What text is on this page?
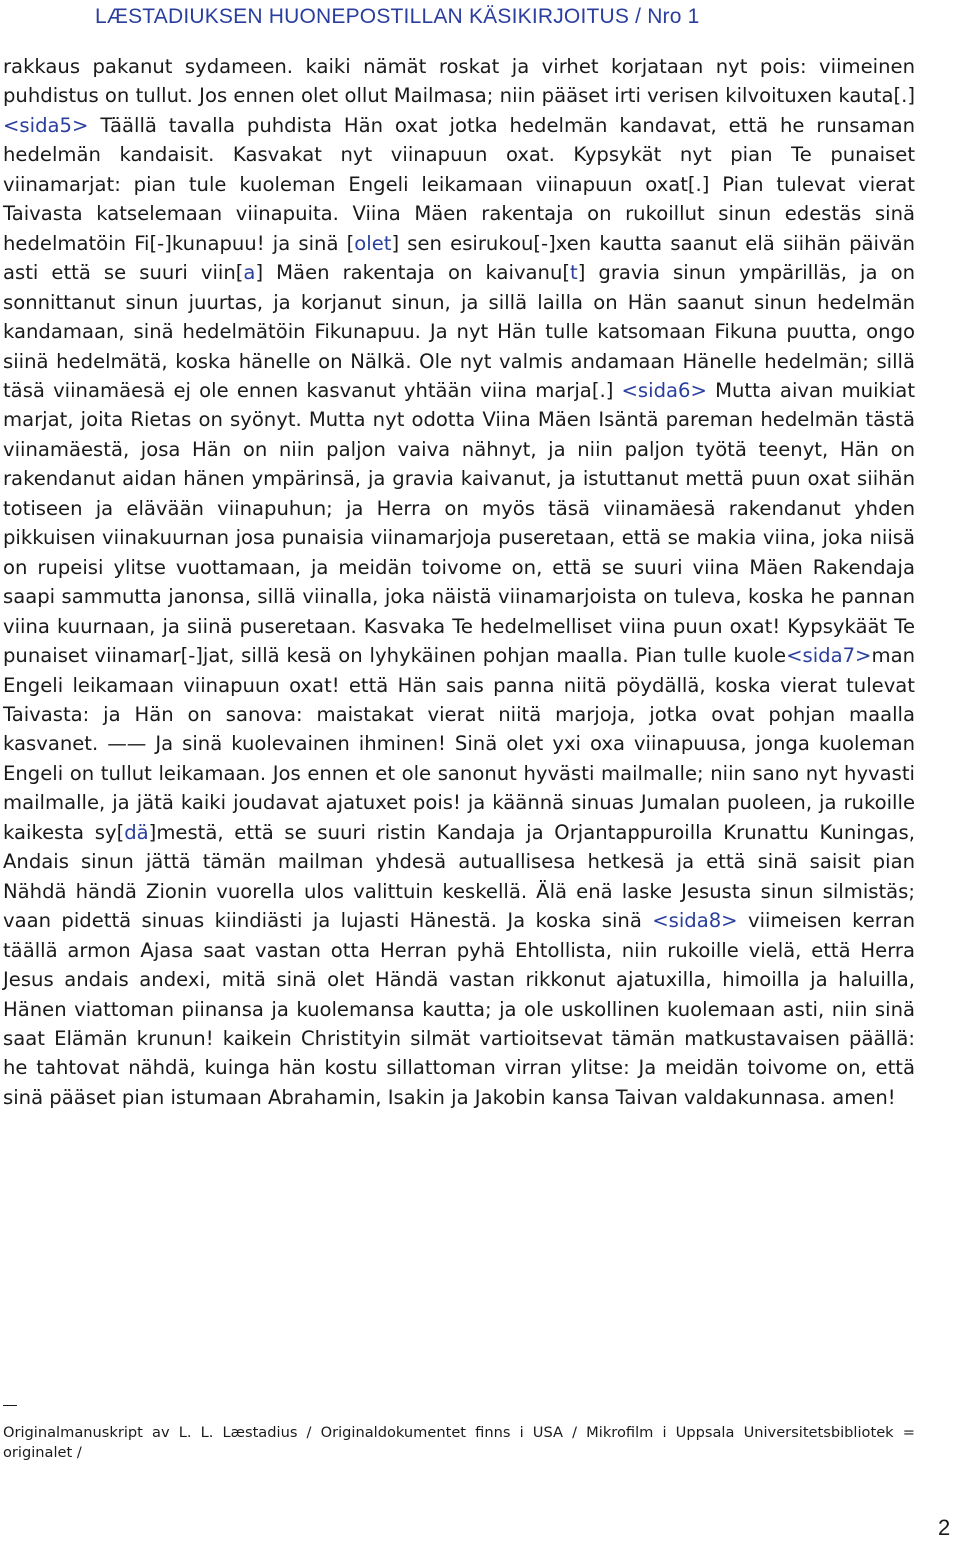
LÆSTADIUKSEN HUONEPOSTILLAN KÄSIKIRJOITUS / Nro 1

rakkaus pakanut sydameen. kaiki nämät roskat ja virhet korjataan nyt pois: viimeinen puhdistus on tullut. Jos ennen olet ollut Mailmasa; niin pääset irti verisen kilvoituxen kauta[.] <sida5> Täällä tavalla puhdista Hän oxat jotka hedelmän kandavat, että he runsaman hedelmän kandaisit. Kasvakat nyt viinapuun oxat. Kypsykät nyt pian Te punaiset viinamarjat: pian tule kuoleman Engeli leikamaan viinapuun oxat[.] Pian tulevat vierat Taivasta katselemaan viinapuita. Viina Mäen rakentaja on rukoillut sinun edestäs sinä hedelmatöin Fi[-]kunapuu! ja sinä [olet] sen esirukou[-]xen kautta saanut elä siihän päivän asti että se suuri viin[a] Mäen rakentaja on kaivanu[t] gravia sinun ympärilläs, ja on sonnittanut sinun juurtas, ja korjanut sinun, ja sillä lailla on Hän saanut sinun hedelmän kandamaan, sinä hedelmätöin Fikunapuu. Ja nyt Hän tulle katsomaan Fikuna puutta, ongo siinä hedelmätä, koska hänelle on Nälkä. Ole nyt valmis andamaan Hänelle hedelmän; sillä täsä viinamäesä ej ole ennen kasvanut yhtään viina marja[.] <sida6> Mutta aivan muikiat marjat, joita Rietas on syönyt. Mutta nyt odotta Viina Mäen Isäntä pareman hedelmän tästä viinamäestä, josa Hän on niin paljon vaiva nähnyt, ja niin paljon työtä teenyt, Hän on rakendanut aidan hänen ympärinsä, ja gravia kaivanut, ja istuttanut mettä puun oxat siihän totiseen ja elävään viinapuhun; ja Herra on myös täsä viinamäesä rakendanut yhden pikkuisen viinakuurnan josa punaisia viinamarjoja puseretaan, että se makia viina, joka niisä on rupeisi ylitse vuottamaan, ja meidän toivome on, että se suuri viina Mäen Rakendaja saapi sammutta janonsa, sillä viinalla, joka näistä viinamarjoista on tuleva, koska he pannan viina kuurnaan, ja siinä puseretaan. Kasvaka Te hedelmelliset viina puun oxat! Kypsykäät Te punaiset viinamar[-]jat, sillä kesä on lyhykäinen pohjan maalla. Pian tulle kuole<sida7>man Engeli leikamaan viinapuun oxat! että Hän sais panna niitä pöydällä, koska vierat tulevat Taivasta: ja Hän on sanova: maistakat vierat niitä marjoja, jotka ovat pohjan maalla kasvanet. —— Ja sinä kuolevainen ihminen! Sinä olet yxi oxa viinapuusa, jonga kuoleman Engeli on tullut leikamaan. Jos ennen et ole sanonut hyvästi mailmalle; niin sano nyt hyvasti mailmalle, ja jätä kaiki joudavat ajatuxet pois! ja käännä sinuas Jumalan puoleen, ja rukoille kaikesta sy[dä]mestä, että se suuri ristin Kandaja ja Orjantappuroilla Krunattu Kuningas, Andais sinun jättä tämän mailman yhdesä autuallisesa hetkesä ja että sinä saisit pian Nähdä händä Zionin vuorella ulos valittuin keskellä. Älä enä laske Jesusta sinun silmistäs; vaan pidettä sinuas kiindiästi ja lujasti Hänestä. Ja koska sinä <sida8> viimeisen kerran täällä armon Ajasa saat vastan otta Herran pyhä Ehtollista, niin rukoille vielä, että Herra Jesus andais andexi, mitä sinä olet Händä vastan rikkonut ajatuxilla, himoilla ja haluilla, Hänen viattoman piinansa ja kuolemansa kautta; ja ole uskollinen kuolemaan asti, niin sinä saat Elämän krunun! kaikein Christityin silmät vartioitsevat tämän matkustavaisen päällä: he tahtovat nähdä, kuinga hän kostu sillattoman virran ylitse: Ja meidän toivome on, että sinä pääset pian istumaan Abrahamin, Isakin ja Jakobin kansa Taivan valdakunnasa. amen!

Originalmanuskript av L. L. Læstadius / Originaldokumentet finns i USA / Mikrofilm i Uppsala Universitetsbibliotek = originalet /
2
